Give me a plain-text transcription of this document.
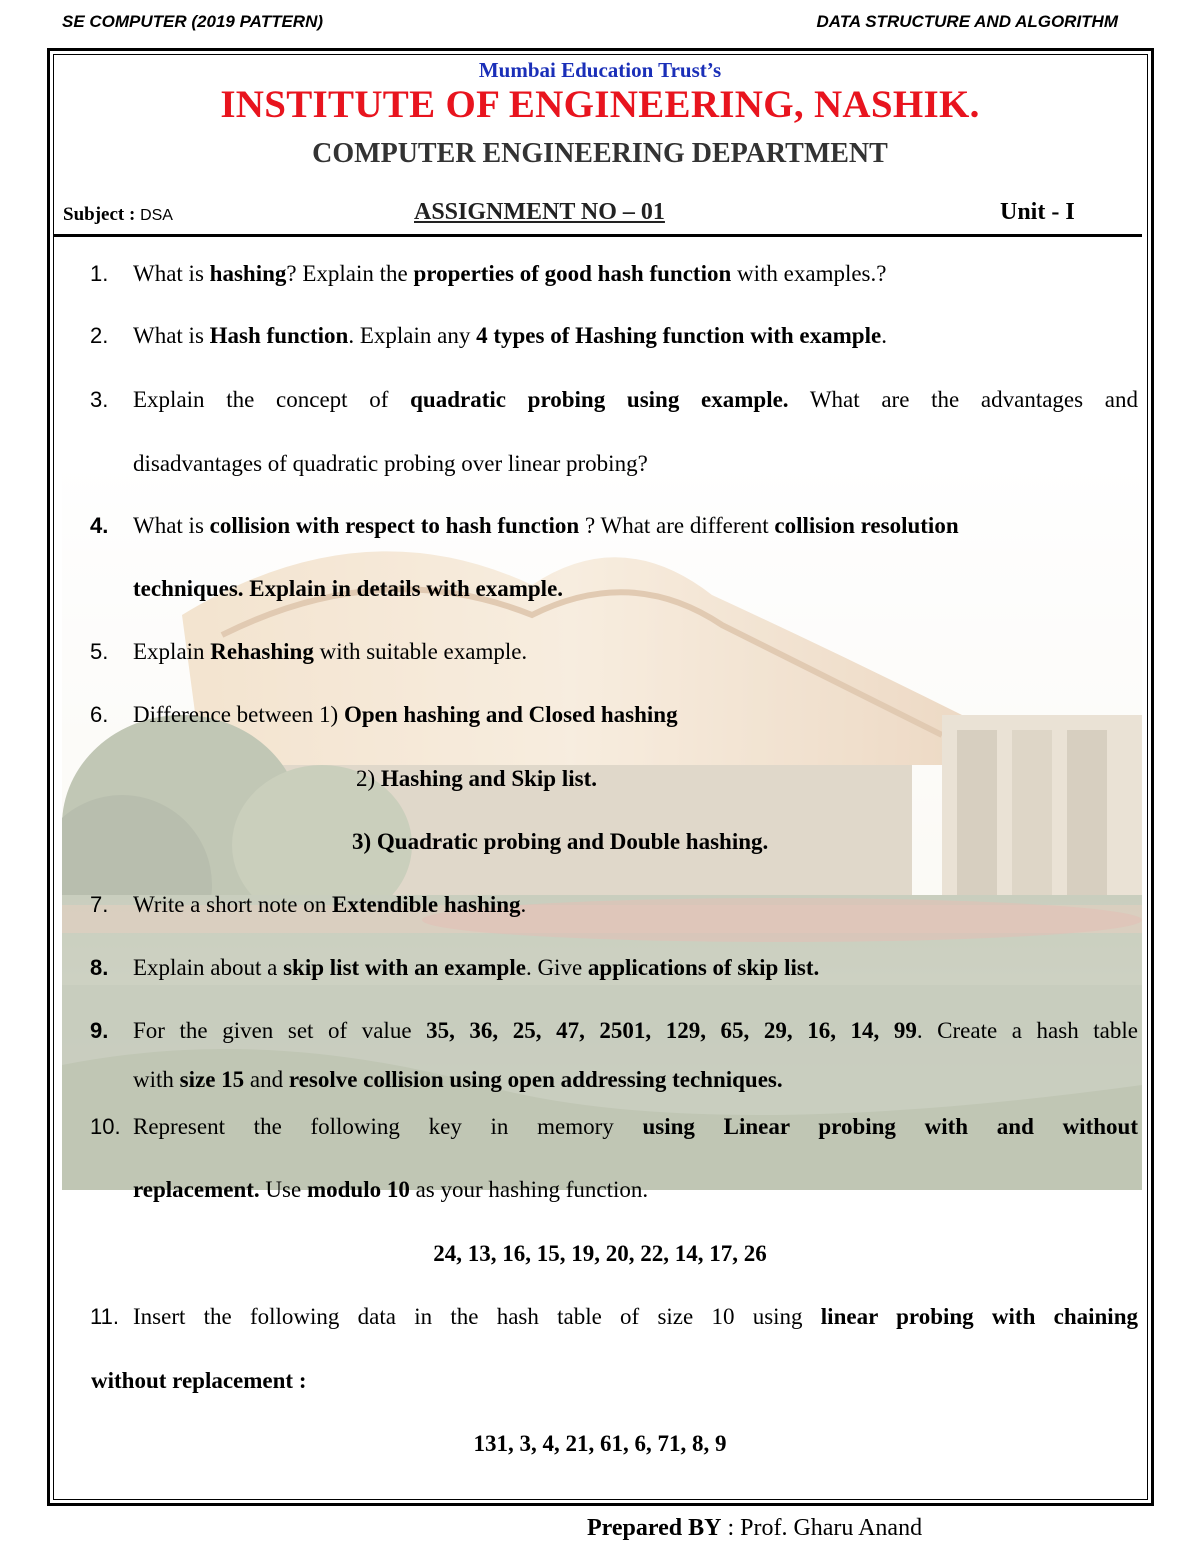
SE COMPUTER (2019 PATTERN)	DATA STRUCTURE AND ALGORITHM
Mumbai Education Trust’s
INSTITUTE OF ENGINEERING, NASHIK.
COMPUTER ENGINEERING DEPARTMENT
Subject : DSA	ASSIGNMENT NO – 01	Unit - I
1. What is hashing? Explain the properties of good hash function with examples.?
2. What is Hash function. Explain any 4 types of Hashing function with example.
3. Explain the concept of quadratic probing using example. What are the advantages and
disadvantages of quadratic probing over linear probing?
4. What is collision with respect to hash function ? What are different collision resolution
techniques. Explain in details with example.
5. Explain Rehashing with suitable example.
6. Difference between 1) Open hashing and Closed hashing
2) Hashing and Skip list.
3) Quadratic probing and Double hashing.
7. Write a short note on Extendible hashing.
8. Explain about a skip list with an example. Give applications of skip list.
9. For the given set of value 35, 36, 25, 47, 2501, 129, 65, 29, 16, 14, 99. Create a hash table
with size 15 and resolve collision using open addressing techniques.
10. Represent the following key in memory using Linear probing with and without
replacement. Use modulo 10 as your hashing function.
24, 13, 16, 15, 19, 20, 22, 14, 17, 26
11. Insert the following data in the hash table of size 10 using linear probing with chaining
without replacement :
131, 3, 4, 21, 61, 6, 71, 8, 9
Prepared BY : Prof. Gharu Anand
